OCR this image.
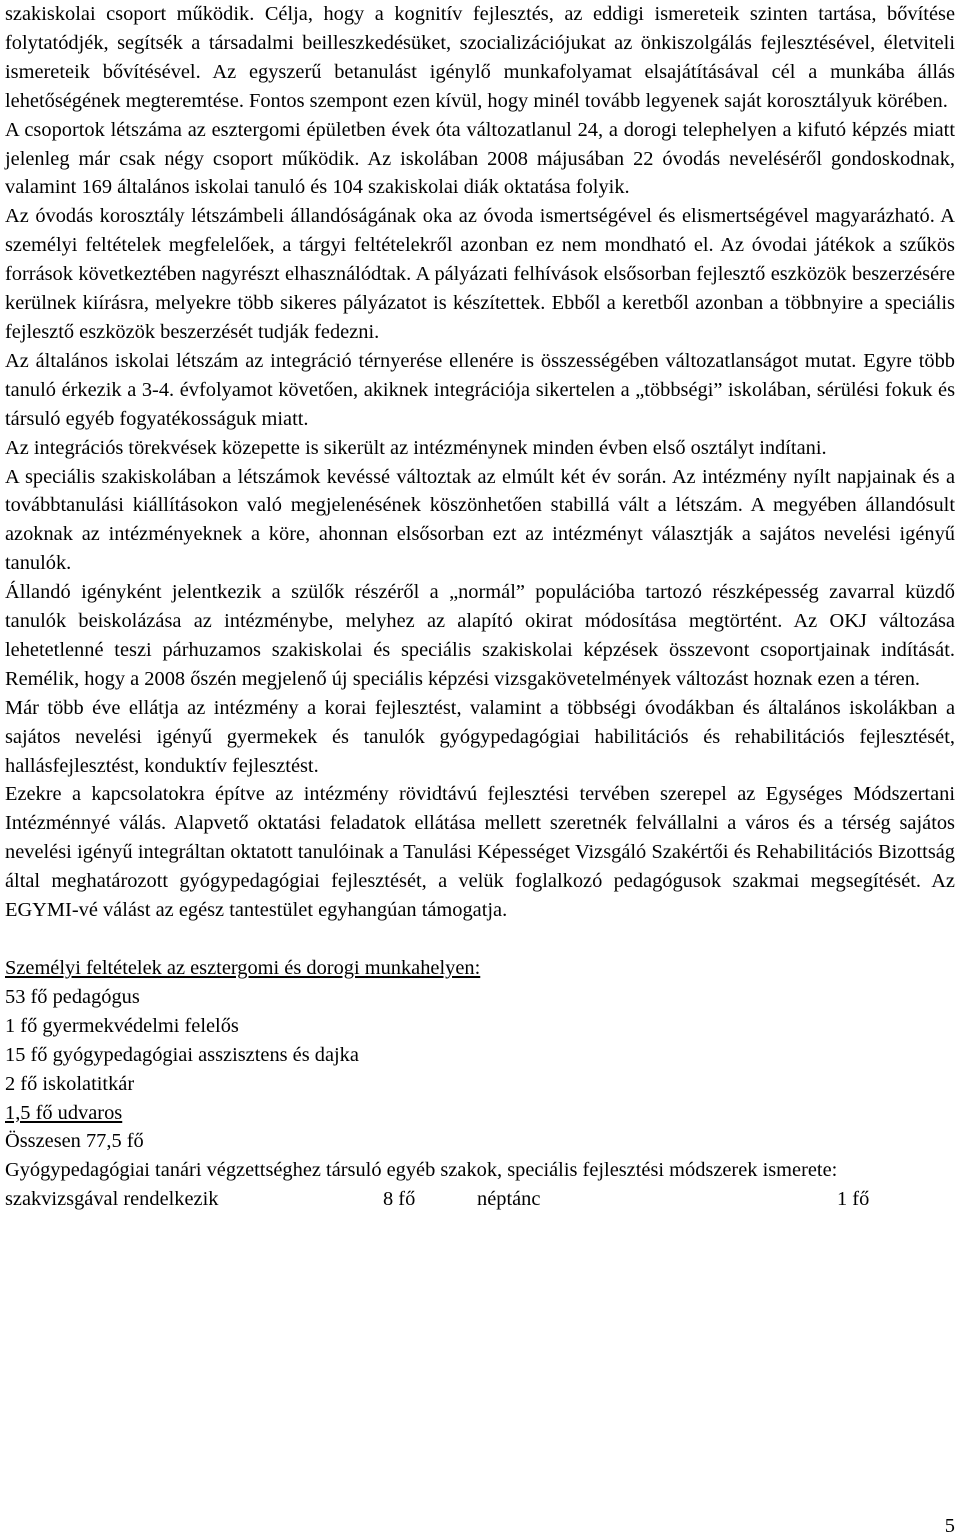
szakiskolai csoport működik. Célja, hogy a kognitív fejlesztés, az eddigi ismereteik szinten tartása, bővítése folytatódjék, segítsék a társadalmi beilleszkedésüket, szocializációjukat az önkiszolgálás fejlesztésével, életviteli ismereteik bővítésével. Az egyszerű betanulást igénylő munkafolyamat elsajátításával cél a munkába állás lehetőségének megteremtése. Fontos szempont ezen kívül, hogy minél tovább legyenek saját korosztályuk körében.

A csoportok létszáma az esztergomi épületben évek óta változatlanul 24, a dorogi telephelyen a kifutó képzés miatt jelenleg már csak négy csoport működik. Az iskolában 2008 májusában 22 óvodás neveléséről gondoskodnak, valamint 169 általános iskolai tanuló és 104 szakiskolai diák oktatása folyik.

Az óvodás korosztály létszámbeli állandóságának oka az óvoda ismertségével és elismertségével magyarázható. A személyi feltételek megfelelőek, a tárgyi feltételekről azonban ez nem mondható el. Az óvodai játékok a szűkös források következtében nagyrészt elhasználódtak. A pályázati felhívások elsősorban fejlesztő eszközök beszerzésére kerülnek kiírásra, melyekre több sikeres pályázatot is készítettek. Ebből a keretből azonban a többnyire a speciális fejlesztő eszközök beszerzését tudják fedezni.

Az általános iskolai létszám az integráció térnyerése ellenére is összességében változatlanságot mutat. Egyre több tanuló érkezik a 3-4. évfolyamot követően, akiknek integrációja sikertelen a „többségi” iskolában, sérülési fokuk és társuló egyéb fogyatékosságuk miatt.

Az integrációs törekvések közepette is sikerült az intézménynek minden évben első osztályt indítani.

A speciális szakiskolában a létszámok kevéssé változtak az elmúlt két év során. Az intézmény nyílt napjainak és a továbbtanulási kiállításokon való megjelenésének köszönhetően stabillá vált a létszám. A megyében állandósult azoknak az intézményeknek a köre, ahonnan elsősorban ezt az intézményt választják a sajátos nevelési igényű tanulók.

Állandó igényként jelentkezik a szülők részéről a „normál” populációba tartozó részképesség zavarral küzdő tanulók beiskolázása az intézménybe, melyhez az alapító okirat módosítása megtörtént. Az OKJ változása lehetetlenné teszi párhuzamos szakiskolai és speciális szakiskolai képzések összevont csoportjainak indítását. Remélik, hogy a 2008 őszén megjelenő új speciális képzési vizsgakövetelmények változást hoznak ezen a téren.

Már több éve ellátja az intézmény a korai fejlesztést, valamint a többségi óvodákban és általános iskolákban a sajátos nevelési igényű gyermekek és tanulók gyógypedagógiai habilitációs és rehabilitációs fejlesztését, hallásfejlesztést, konduktív fejlesztést.

Ezekre a kapcsolatokra építve az intézmény rövidtávú fejlesztési tervében szerepel az Egységes Módszertani Intézménnyé válás. Alapvető oktatási feladatok ellátása mellett szeretnék felvállalni a város és a térség sajátos nevelési igényű integráltan oktatott tanulóinak a Tanulási Képességet Vizsgáló Szakértői és Rehabilitációs Bizottság által meghatározott gyógypedagógiai fejlesztését, a velük foglalkozó pedagógusok szakmai megsegítését. Az EGYMI-vé válást az egész tantestület egyhangúan támogatja.

Személyi feltételek az esztergomi és dorogi munkahelyen:

53 fő pedagógus

1 fő gyermekvédelmi felelős

15 fő gyógypedagógiai asszisztens és dajka

2 fő iskolatitkár

1,5 fő udvaros

Összesen 77,5 fő

Gyógypedagógiai tanári végzettséghez társuló egyéb szakok, speciális fejlesztési módszerek ismerete:

szakvizsgával rendelkezik	8 fő	néptánc	1 fő
5
